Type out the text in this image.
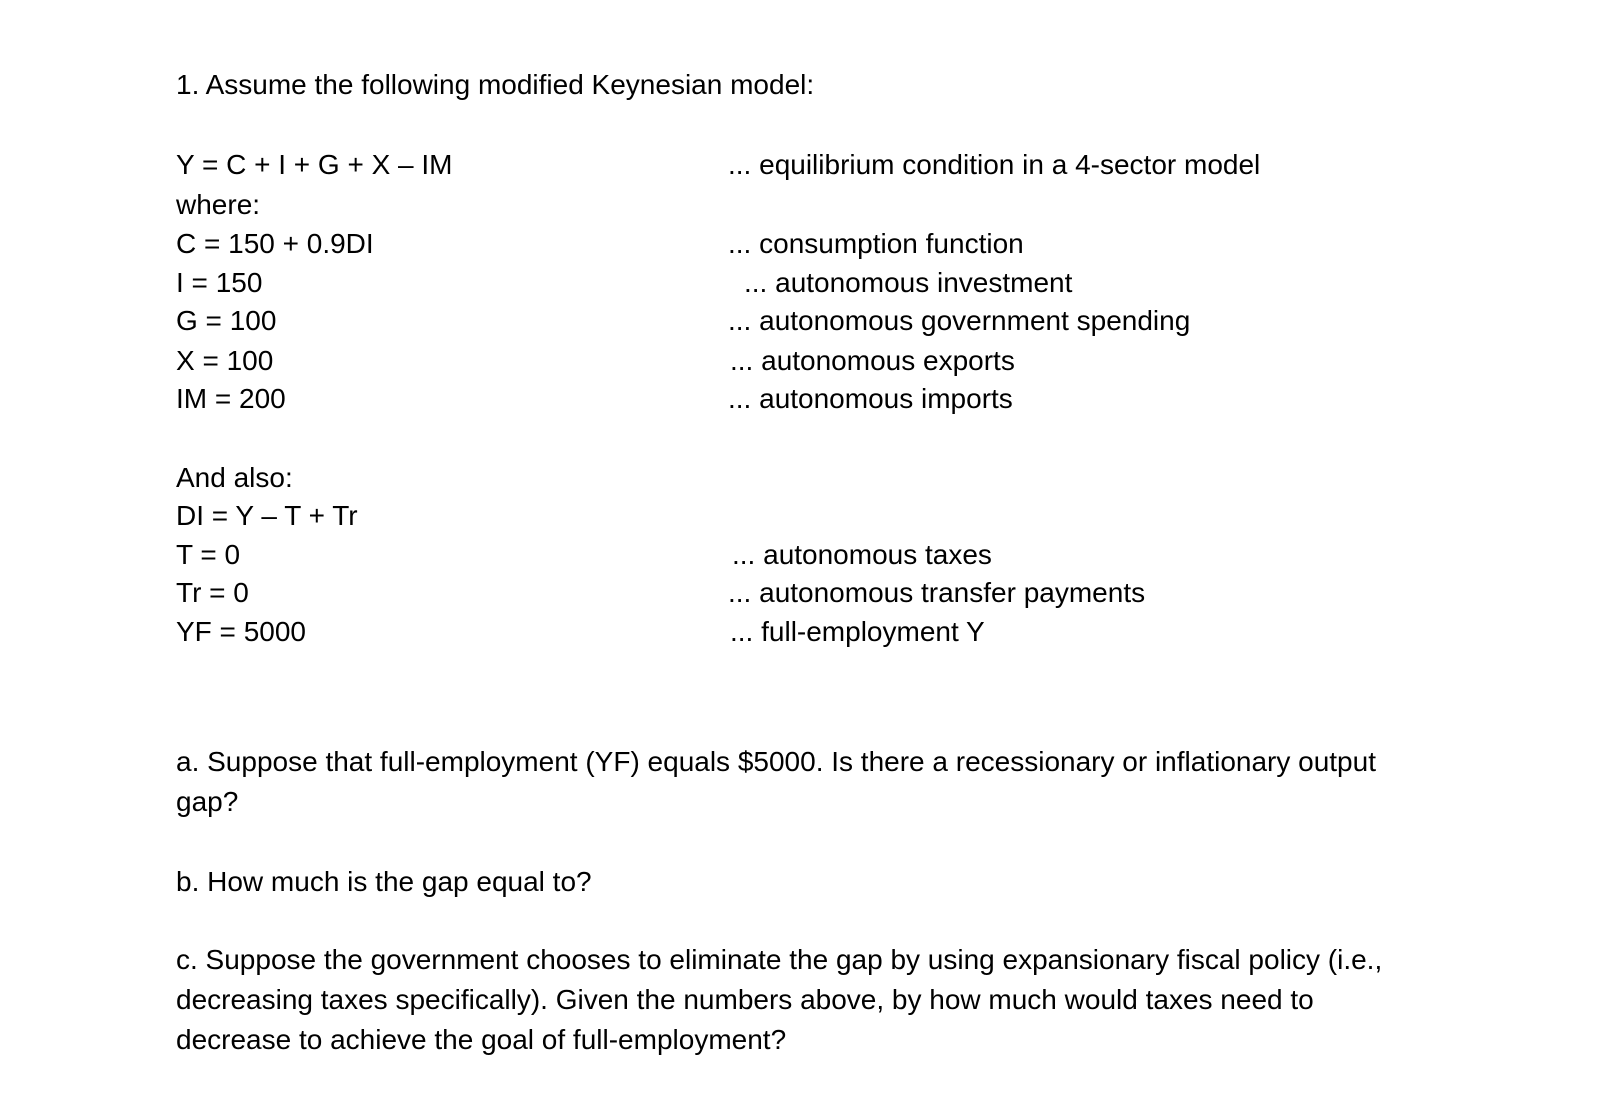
1. Assume the following modified Keynesian model:
Y = C + I + G + X – IM	... equilibrium condition in a 4-sector model
where:
C = 150 + 0.9DI	... consumption function
I = 150	... autonomous investment
G = 100	... autonomous government spending
X = 100	... autonomous exports
IM = 200	... autonomous imports
And also:
DI = Y – T + Tr
T = 0	... autonomous taxes
Tr = 0	... autonomous transfer payments
YF = 5000	... full-employment Y
a. Suppose that full-employment (YF) equals $5000. Is there a recessionary or inflationary output gap?
b. How much is the gap equal to?
c. Suppose the government chooses to eliminate the gap by using expansionary fiscal policy (i.e., decreasing taxes specifically). Given the numbers above, by how much would taxes need to decrease to achieve the goal of full-employment?
